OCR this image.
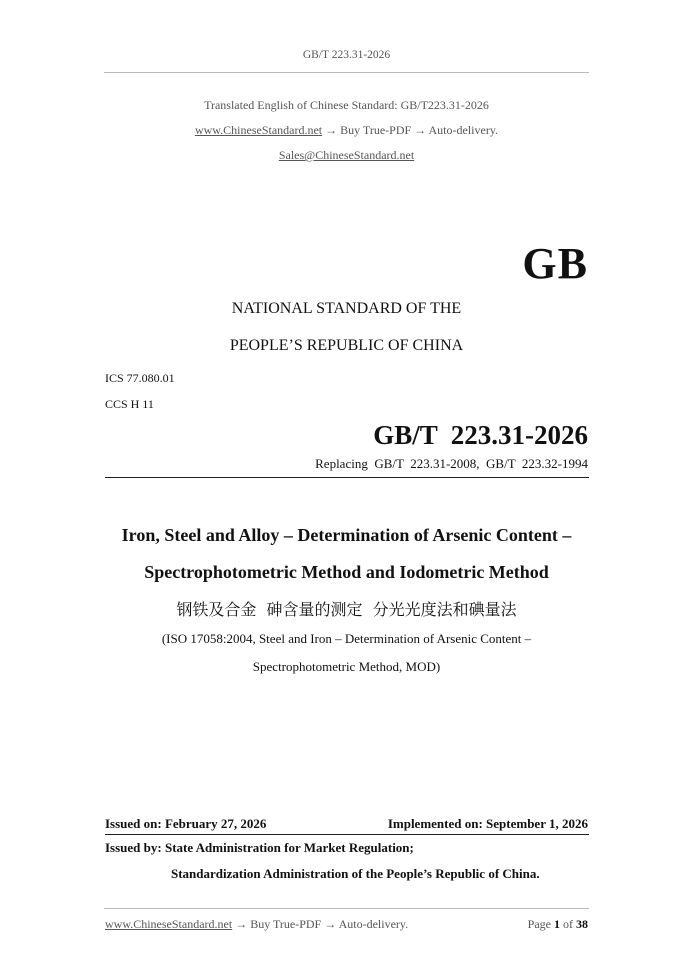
GB/T 223.31-2026
Translated English of Chinese Standard: GB/T223.31-2026
www.ChineseStandard.net → Buy True-PDF → Auto-delivery.
Sales@ChineseStandard.net
GB
NATIONAL STANDARD OF THE
PEOPLE’S REPUBLIC OF CHINA
ICS 77.080.01
CCS H 11
GB/T  223.31-2026
Replacing  GB/T  223.31-2008,  GB/T  223.32-1994
Iron, Steel and Alloy – Determination of Arsenic Content –
Spectrophotometric Method and Iodometric Method
钢铁及合金  砷含量的测定  分光光度法和碘量法
(ISO 17058:2004, Steel and Iron – Determination of Arsenic Content –
Spectrophotometric Method, MOD)
Issued on: February 27, 2026	Implemented on: September 1, 2026
Issued by: State Administration for Market Regulation;
Standardization Administration of the People’s Republic of China.
www.ChineseStandard.net → Buy True-PDF → Auto-delivery.	Page 1 of 38
